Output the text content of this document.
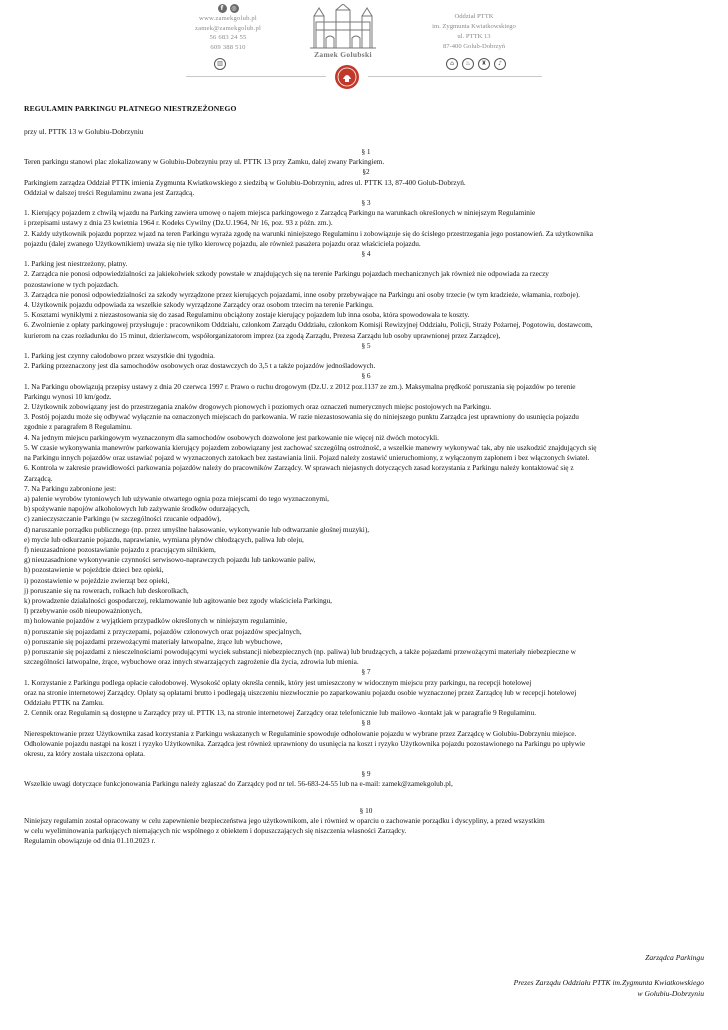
f	◎
www.zamekgolub.pl
zamek@zamekgolub.pl
56 683 24 55
609 388 510
▥
Zamek Golubski
Oddział PTTK
im. Zygmunta Kwiatkowskiego
ul. PTTK 13
87-400 Golub-Dobrzyń
⌂	♨	♜	♪
REGULAMIN PARKINGU PŁATNEGO NIESTRZEŻONEGO
przy ul. PTTK 13 w Golubiu-Dobrzyniu
§ 1
Teren parkingu stanowi plac zlokalizowany w Golubiu-Dobrzyniu przy ul. PTTK 13 przy Zamku, dalej zwany Parkingiem.
§2
Parkingiem zarządza Oddział PTTK imienia Zygmunta Kwiatkowskiego z siedzibą w Golubiu-Dobrzyniu, adres ul. PTTK 13, 87-400 Golub-Dobrzyń.
Oddział w dalszej treści Regulaminu zwana jest Zarządcą.
§ 3
1. Kierujący pojazdem z chwilą wjazdu na Parking zawiera umowę o najem miejsca parkingowego z Zarządcą Parkingu na warunkach określonych w niniejszym Regulaminie
i przepisami ustawy z dnia 23 kwietnia 1964 r. Kodeks Cywilny (Dz.U.1964, Nr 16, poz. 93 z późn. zm.).
2. Każdy użytkownik pojazdu poprzez wjazd na teren Parkingu wyraża zgodę na warunki niniejszego Regulaminu i zobowiązuje się do ścisłego przestrzegania jego postanowień. Za użytkownika
pojazdu (dalej zwanego Użytkownikiem) uważa się nie tylko kierowcę pojazdu, ale również pasażera pojazdu oraz właściciela pojazdu.
§ 4
1. Parking jest niestrzeżony, płatny.
2. Zarządca nie ponosi odpowiedzialności za jakiekolwiek szkody powstałe w znajdujących się na terenie Parkingu pojazdach mechanicznych jak również nie odpowiada za rzeczy
pozostawione w tych pojazdach.
3. Zarządca nie ponosi odpowiedzialności za szkody wyrządzone przez kierujących pojazdami, inne osoby przebywające na Parkingu ani osoby trzecie (w tym kradzieże, włamania, rozboje).
4. Użytkownik pojazdu odpowiada za wszelkie szkody wyrządzone Zarządcy oraz osobom trzecim na terenie Parkingu.
5. Kosztami wynikłymi z niezastosowania się do zasad Regulaminu obciążony zostaje kierujący pojazdem lub inna osoba, która spowodowała te koszty.
6. Zwolnienie z opłaty parkingowej przysługuje : pracownikom Oddziału, członkom Zarządu Oddziału, członkom Komisji Rewizyjnej Oddziału, Policji, Straży Pożarnej, Pogotowiu, dostawcom,
kurierom na czas rozładunku do 15 minut, dzierżawcom, współorganizatorom imprez (za zgodą Zarządu, Prezesa Zarządu lub osoby uprawnionej przez Zarządce),
§ 5
1. Parking jest czynny całodobowo przez wszystkie dni tygodnia.
2. Parking przeznaczony jest dla samochodów osobowych oraz dostawczych do 3,5 t a także pojazdów jednośladowych.
§ 6
1. Na Parkingu obowiązują przepisy ustawy z dnia 20 czerwca 1997 r. Prawo o ruchu drogowym (Dz.U. z 2012 poz.1137 ze zm.). Maksymalna prędkość poruszania się pojazdów po terenie
Parkingu wynosi 10 km/godz.
2. Użytkownik zobowiązany jest do przestrzegania znaków drogowych pionowych i poziomych oraz oznaczeń numerycznych miejsc postojowych na Parkingu.
3. Postój pojazdu może się odbywać wyłącznie na oznaczonych miejscach do parkowania. W razie niezastosowania się do niniejszego punktu Zarządca jest uprawniony do usunięcia pojazdu
zgodnie z paragrafem 8 Regulaminu.
4. Na jednym miejscu parkingowym wyznaczonym dla samochodów osobowych dozwolone jest parkowanie nie więcej niż dwóch motocykli.
5. W czasie wykonywania manewrów parkowania kierujący pojazdem zobowiązany jest zachować szczególną ostrożność, a wszelkie manewry wykonywać tak, aby nie uszkodzić znajdujących się
na Parkingu innych pojazdów oraz ustawiać pojazd w wyznaczonych zatokach bez zastawiania linii. Pojazd należy zostawić unieruchomiony, z wyłączonym zapłonem i bez włączonych świateł.
6. Kontrola w zakresie prawidłowości parkowania pojazdów należy do pracowników Zarządcy. W sprawach niejasnych dotyczących zasad korzystania z Parkingu należy kontaktować się z
Zarządcą.
7. Na Parkingu zabronione jest:
a) palenie wyrobów tytoniowych lub używanie otwartego ognia poza miejscami do tego wyznaczonymi,
b) spożywanie napojów alkoholowych lub zażywanie środków odurzających,
c) zanieczyszczanie Parkingu (w szczególności rzucanie odpadów),
d) naruszanie porządku publicznego (np. przez umyślne hałasowanie, wykonywanie lub odtwarzanie głośnej muzyki),
e) mycie lub odkurzanie pojazdu, naprawianie, wymiana płynów chłodzących, paliwa lub oleju,
f) nieuzasadnione pozostawianie pojazdu z pracującym silnikiem,
g) nieuzasadnione wykonywanie czynności serwisowo-naprawczych pojazdu lub tankowanie paliw,
h) pozostawienie w pojeździe dzieci bez opieki,
i) pozostawienie w pojeździe zwierząt bez opieki,
j) poruszanie się na rowerach, rolkach lub deskorolkach,
k) prowadzenie działalności gospodarczej, reklamowanie lub agitowanie bez zgody właściciela Parkingu,
l) przebywanie osób nieupoważnionych,
m) holowanie pojazdów z wyjątkiem przypadków określonych w niniejszym regulaminie,
n) poruszanie się pojazdami z przyczepami, pojazdów członowych oraz pojazdów specjalnych,
o) poruszanie się pojazdami przewożącymi materiały łatwopalne, żrące lub wybuchowe,
p) poruszanie się pojazdami z niesczelnościami powodującymi wyciek substancji niebezpiecznych (np. paliwa) lub brudzących, a także pojazdami przewożącymi materiały niebezpieczne w
szczególności łatwopalne, żrące, wybuchowe oraz innych stwarzających zagrożenie dla życia, zdrowia lub mienia.
§ 7
1. Korzystanie z Parkingu podlega opłacie całodobowej. Wysokość opłaty określa cennik, który jest umieszczony w widocznym miejscu przy parkingu, na recepcji hotelowej
oraz na stronie internetowej Zarządcy. Opłaty są opłatami brutto i podlegają uiszczeniu niezwłocznie po zaparkowaniu pojazdu osobie wyznaczonej przez Zarządcę lub w recepcji hotelowej
Oddziału PTTK na Zamku.
2. Cennik oraz Regulamin są dostępne u Zarządcy przy ul. PTTK 13, na stronie internetowej Zarządcy oraz telefonicznie lub mailowo -kontakt jak w paragrafie 9 Regulaminu.
§ 8
Nierespektowanie przez Użytkownika zasad korzystania z Parkingu wskazanych w Regulaminie spowoduje odholowanie pojazdu w wybrane przez Zarządcę w Golubiu-Dobrzyniu miejsce.
Odholowanie pojazdu nastąpi na koszt i ryzyko Użytkownika. Zarządca jest również uprawniony do usunięcia na koszt i ryzyko Użytkownika pojazdu pozostawionego na Parkingu po upływie
okresu, za który została uiszczona opłata.
§ 9
Wszelkie uwagi dotyczące funkcjonowania Parkingu należy zgłaszać do Zarządcy pod nr tel. 56-683-24-55 lub na e-mail: zamek@zamekgolub.pl,
§ 10
Niniejszy regulamin został opracowany w celu zapewnienie bezpieczeństwa jego użytkownikom, ale i również w oparciu o zachowanie porządku i dyscypliny, a przed wszystkim
w celu wyeliminowania parkujących niemających nic wspólnego z obiektem i dopuszczających się niszczenia własności Zarządcy.
Regulamin obowiązuje od dnia 01.10.2023 r.
Zarządca Parkingu
Prezes Zarządu Oddziału PTTK im.Zygmunta Kwiatkowskiego
w Golubiu-Dobrzyniu
